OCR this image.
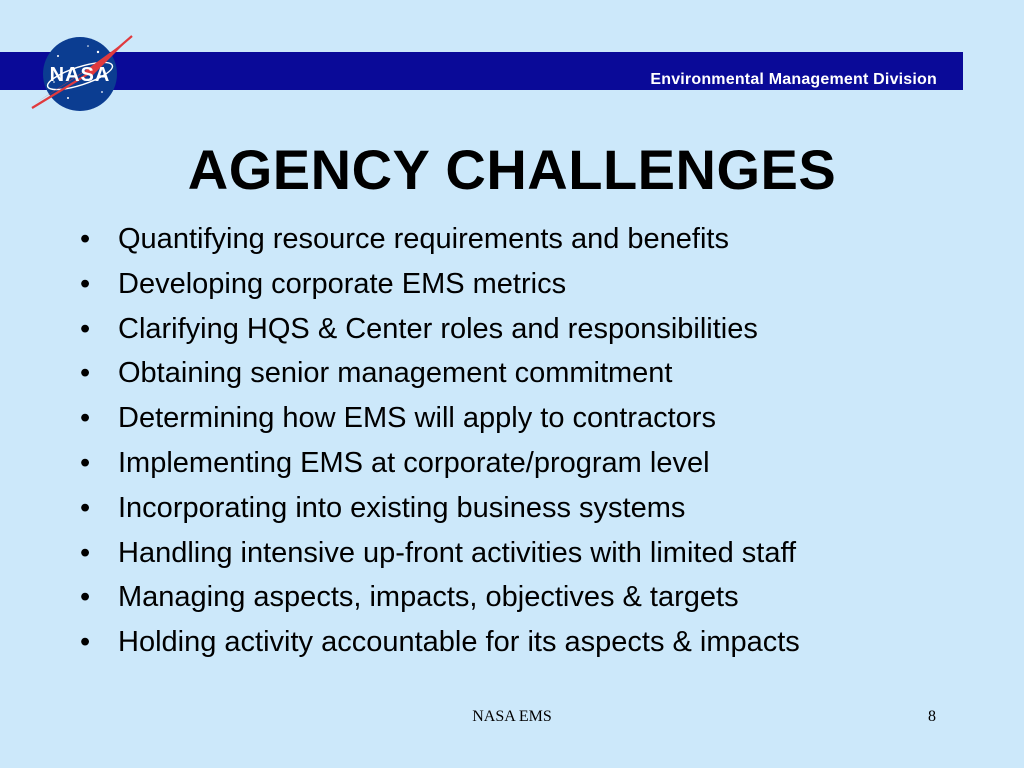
Environmental Management Division
NASA
AGENCY CHALLENGES
• Quantifying resource requirements and benefits
• Developing corporate EMS metrics
• Clarifying HQS & Center roles and responsibilities
• Obtaining senior management commitment
• Determining how EMS will apply to contractors
• Implementing EMS at corporate/program level
• Incorporating into existing business systems
• Handling intensive up-front activities with limited staff
• Managing aspects, impacts, objectives & targets
• Holding activity accountable for its aspects & impacts
NASA EMS	8
